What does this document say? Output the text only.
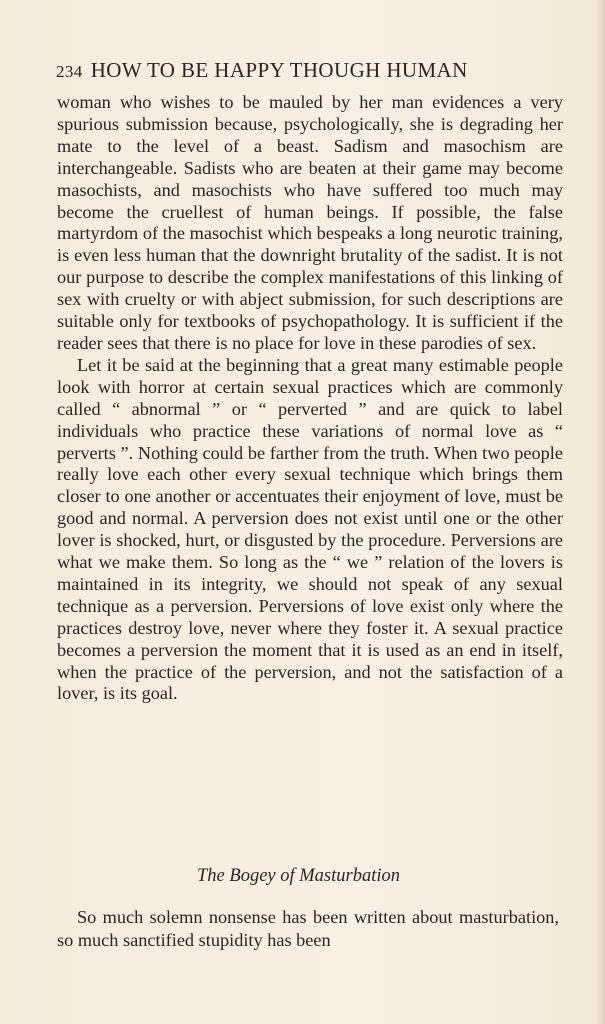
234 HOW TO BE HAPPY THOUGH HUMAN

woman who wishes to be mauled by her man evidences a very spurious submission because, psychologically, she is degrading her mate to the level of a beast. Sadism and masochism are interchangeable. Sadists who are beaten at their game may become masochists, and masochists who have suffered too much may become the cruellest of human beings. If possible, the false martyrdom of the masochist which bespeaks a long neurotic training, is even less human that the downright brutality of the sadist. It is not our purpose to describe the complex manifestations of this linking of sex with cruelty or with abject submission, for such descriptions are suitable only for textbooks of psychopathology. It is sufficient if the reader sees that there is no place for love in these parodies of sex.

Let it be said at the beginning that a great many estimable people look with horror at certain sexual practices which are commonly called “ abnormal ” or “ perverted ” and are quick to label individuals who practice these variations of normal love as “ perverts ”. Nothing could be farther from the truth. When two people really love each other every sexual technique which brings them closer to one another or accentuates their enjoyment of love, must be good and normal. A perversion does not exist until one or the other lover is shocked, hurt, or disgusted by the procedure. Perversions are what we make them. So long as the “ we ” relation of the lovers is maintained in its integrity, we should not speak of any sexual technique as a perversion. Perversions of love exist only where the practices destroy love, never where they foster it. A sexual practice becomes a perversion the moment that it is used as an end in itself, when the practice of the perversion, and not the satisfaction of a lover, is its goal.

The Bogey of Masturbation

So much solemn nonsense has been written about masturbation, so much sanctified stupidity has been
